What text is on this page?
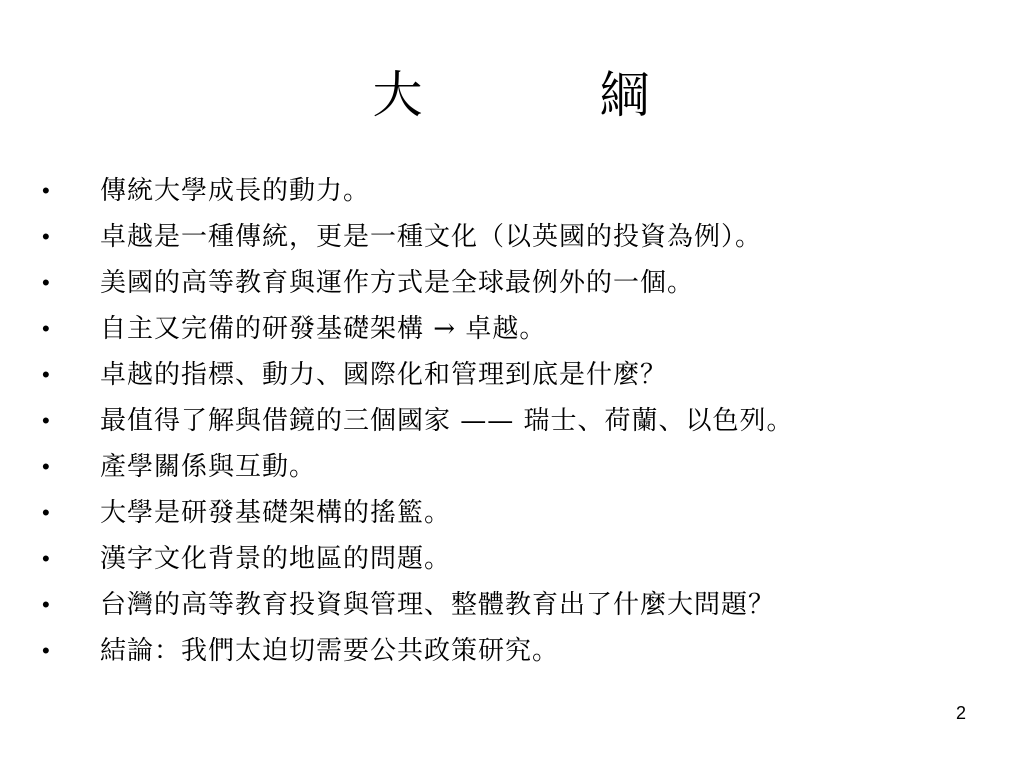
大	綱
• 傳統大學成長的動力。
• 卓越是一種傳統，更是一種文化（以英國的投資為例）。
• 美國的高等教育與運作方式是全球最例外的一個。
• 自主又完備的研發基礎架構 → 卓越。
• 卓越的指標、動力、國際化和管理到底是什麼？
• 最值得了解與借鏡的三個國家 —— 瑞士、荷蘭、以色列。
• 產學關係與互動。
• 大學是研發基礎架構的搖籃。
• 漢字文化背景的地區的問題。
• 台灣的高等教育投資與管理、整體教育出了什麼大問題？
• 結論：我們太迫切需要公共政策研究。
2
